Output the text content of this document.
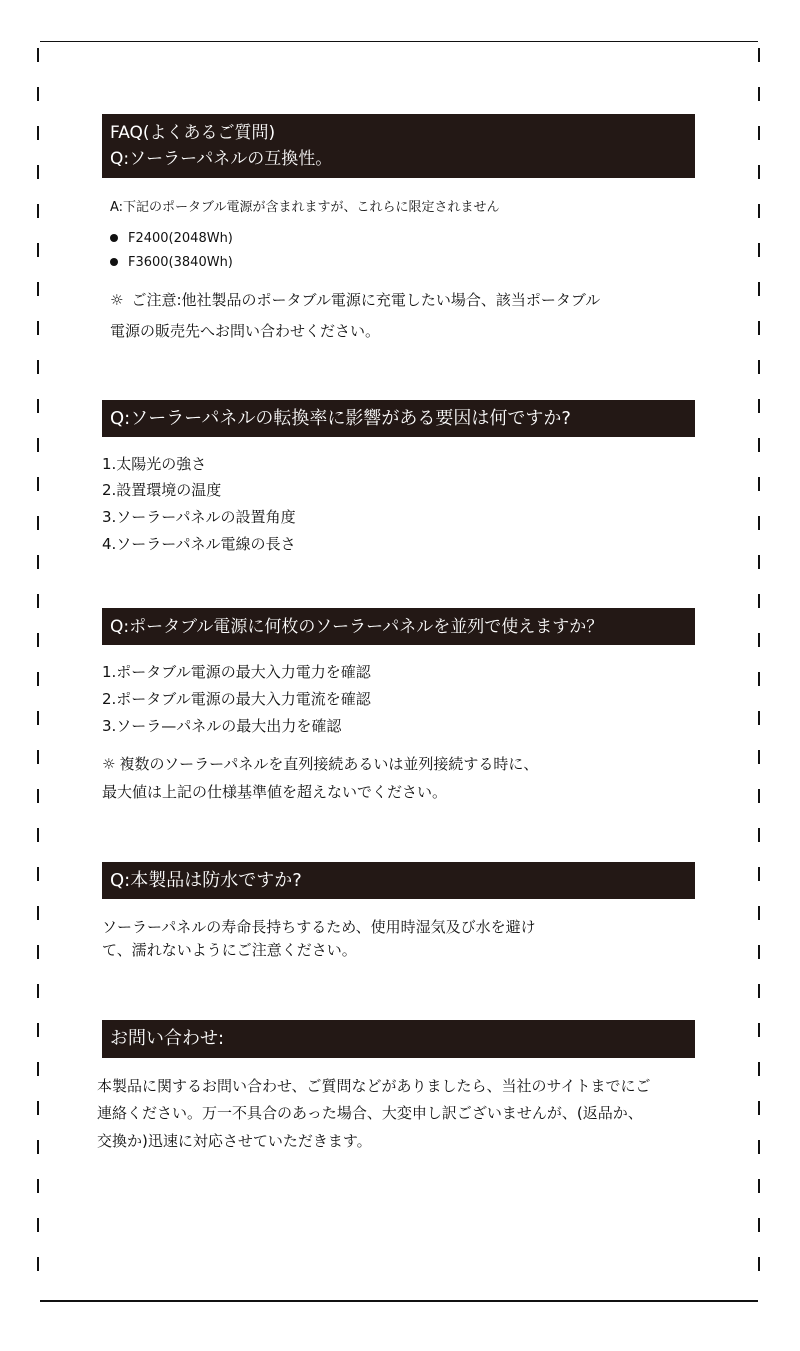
FAQ(よくあるご質問)
Q:ソーラーパネルの互換性。
A:下記のポータブル電源が含まれますが、これらに限定されません
F2400(2048Wh)
F3600(3840Wh)
☼ ご注意:他社製品のポータブル電源に充電したい場合、該当ポータブル
電源の販売先へお問い合わせください。
Q:ソーラーパネルの転換率に影響がある要因は何ですか?
1.太陽光の強さ
2.設置環境の温度
3.ソーラーパネルの設置角度
4.ソーラーパネル電線の長さ
Q:ポータブル電源に何枚のソーラーパネルを並列で使えますか？
1.ポータブル電源の最大入力電力を確認
2.ポータブル電源の最大入力電流を確認
3.ソーラ—パネルの最大出力を確認
☼ 複数のソーラーパネルを直列接続あるいは並列接続する時に、
最大値は上記の仕様基準値を超えないでください。
Q:本製品は防水ですか?
ソーラーパネルの寿命長持ちするため、使用時湿気及び水を避け
て、濡れないようにご注意ください。
お問い合わせ:
本製品に関するお問い合わせ、ご質問などがありましたら、当社のサイトまでにご
連絡ください。万一不具合のあった場合、大変申し訳ございませんが、(返品か、
交換か)迅速に対応させていただきます。
